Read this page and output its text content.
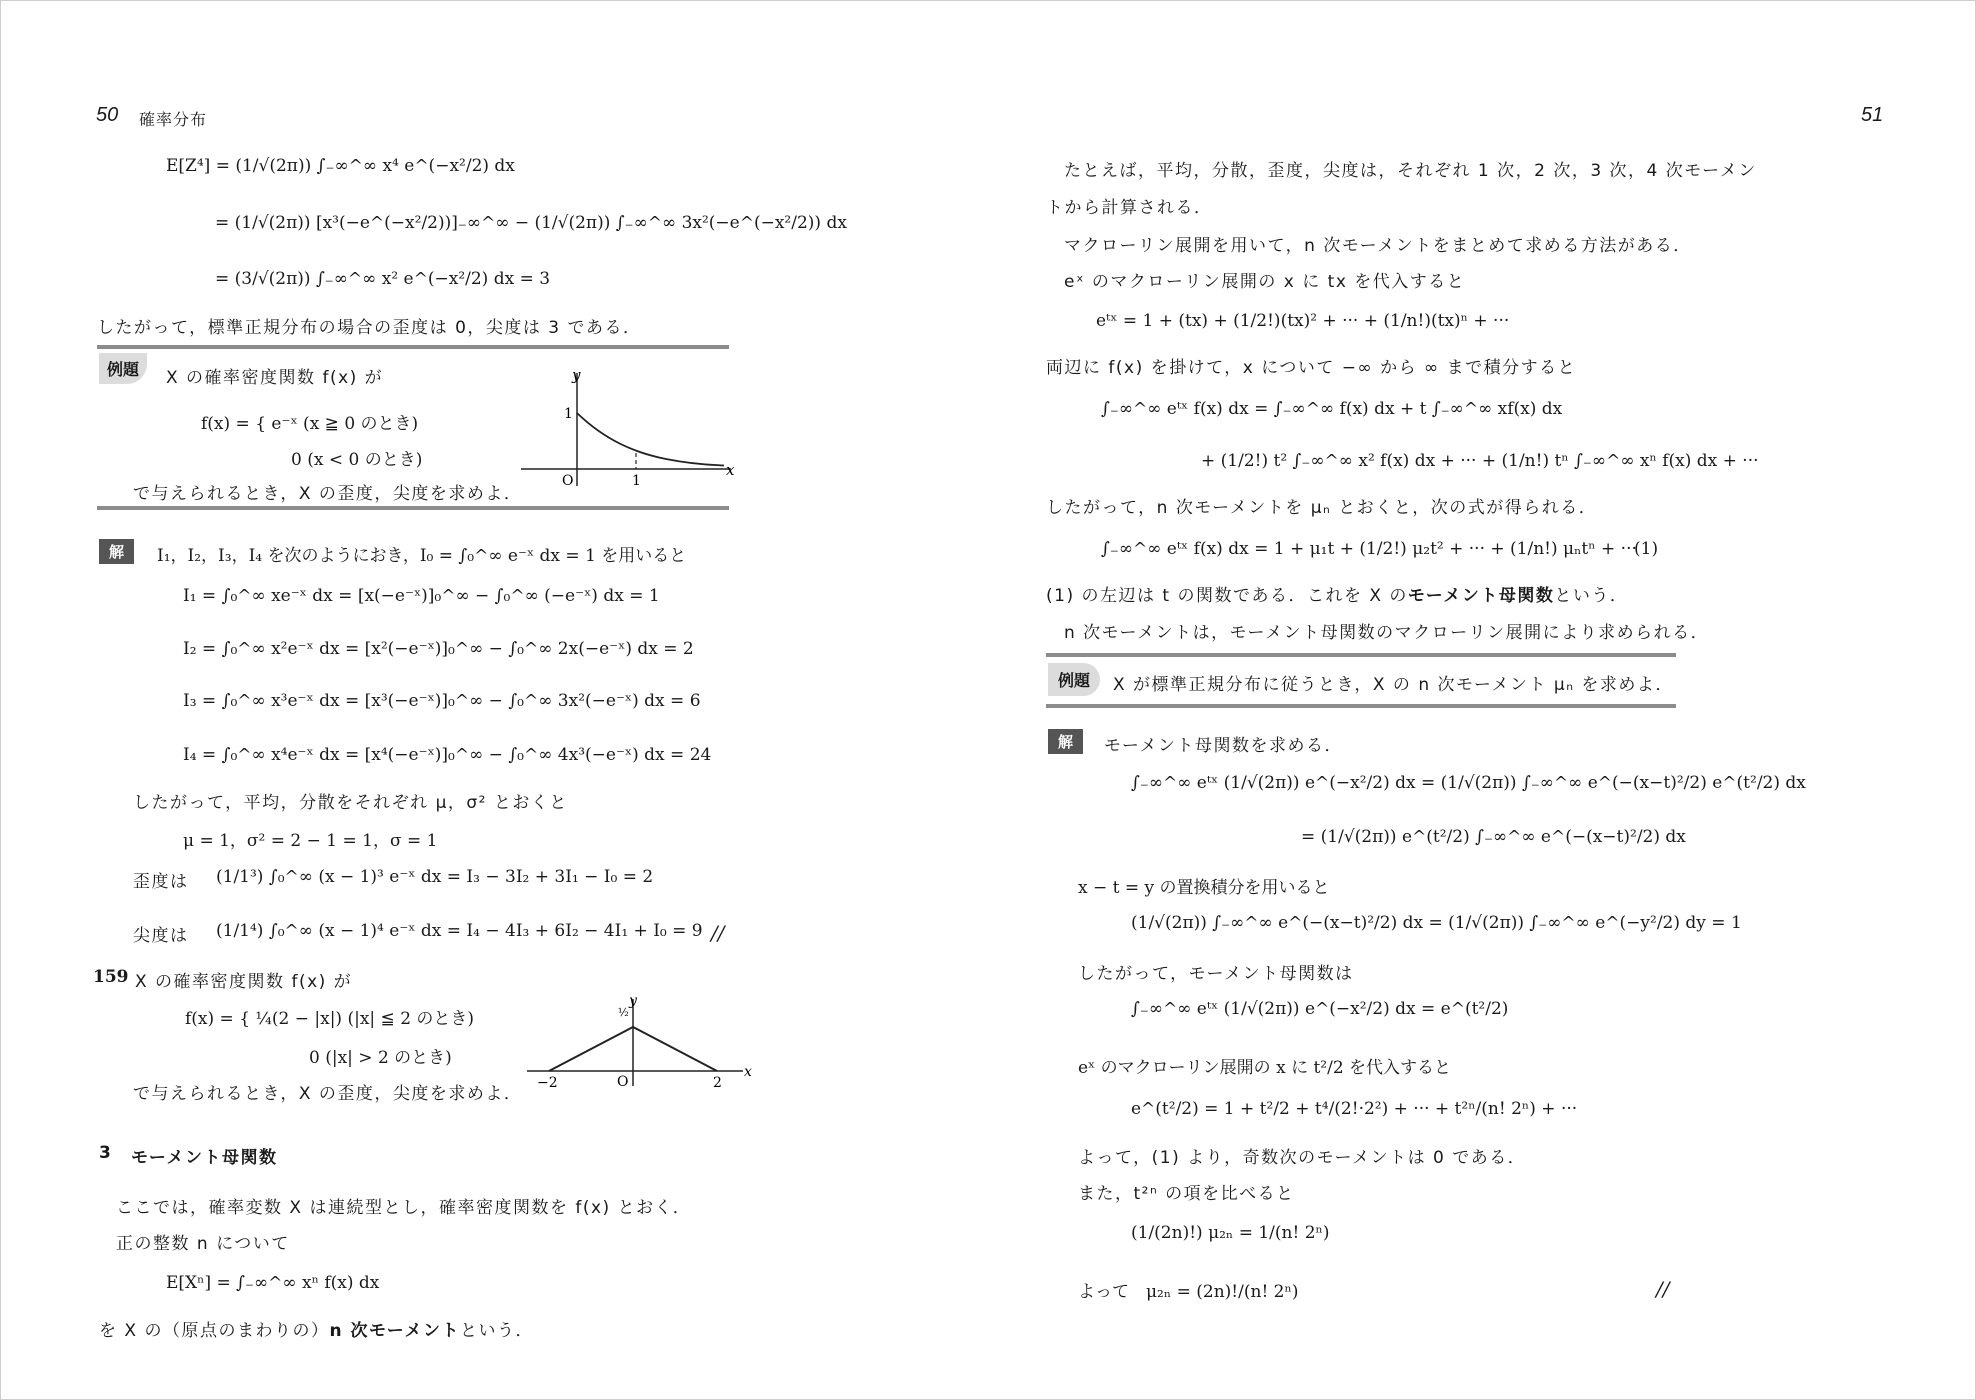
50 確率分布
E[Z⁴] = (1/√(2π)) ∫₋∞^∞ x⁴ e^(−x²/2) dx
= (1/√(2π)) [x³(−e^(−x²/2))]₋∞^∞ − (1/√(2π)) ∫₋∞^∞ 3x²(−e^(−x²/2)) dx
= (3/√(2π)) ∫₋∞^∞ x² e^(−x²/2) dx = 3
したがって，標準正規分布の場合の歪度は 0，尖度は 3 である．
例題	X の確率密度関数 f(x) が
f(x) = { e⁻ˣ (x ≧ 0 のとき)
0 (x < 0 のとき)
で与えられるとき，X の歪度，尖度を求めよ．
y
x
O
1
1
解	I₁，I₂，I₃，I₄ を次のようにおき，I₀ = ∫₀^∞ e⁻ˣ dx = 1 を用いると
I₁ = ∫₀^∞ xe⁻ˣ dx = [x(−e⁻ˣ)]₀^∞ − ∫₀^∞ (−e⁻ˣ) dx = 1
I₂ = ∫₀^∞ x²e⁻ˣ dx = [x²(−e⁻ˣ)]₀^∞ − ∫₀^∞ 2x(−e⁻ˣ) dx = 2
I₃ = ∫₀^∞ x³e⁻ˣ dx = [x³(−e⁻ˣ)]₀^∞ − ∫₀^∞ 3x²(−e⁻ˣ) dx = 6
I₄ = ∫₀^∞ x⁴e⁻ˣ dx = [x⁴(−e⁻ˣ)]₀^∞ − ∫₀^∞ 4x³(−e⁻ˣ) dx = 24
したがって，平均，分散をそれぞれ μ，σ² とおくと
μ = 1，σ² = 2 − 1 = 1，σ = 1
歪度は (1/1³) ∫₀^∞ (x − 1)³ e⁻ˣ dx = I₃ − 3I₂ + 3I₁ − I₀ = 2
尖度は (1/1⁴) ∫₀^∞ (x − 1)⁴ e⁻ˣ dx = I₄ − 4I₃ + 6I₂ − 4I₁ + I₀ = 9 //
159 X の確率密度関数 f(x) が
f(x) = { ¼(2 − |x|) (|x| ≦ 2 のとき)
0 (|x| > 2 のとき)
で与えられるとき，X の歪度，尖度を求めよ．
y
x
O
½
−2	2
3 モーメント母関数
ここでは，確率変数 X は連続型とし，確率密度関数を f(x) とおく．
正の整数 n について
E[Xⁿ] = ∫₋∞^∞ xⁿ f(x) dx
を X の（原点のまわりの）n 次モーメントという．
51
たとえば，平均，分散，歪度，尖度は，それぞれ 1 次，2 次，3 次，4 次モーメン
トから計算される．
マクローリン展開を用いて，n 次モーメントをまとめて求める方法がある．
eˣ のマクローリン展開の x に tx を代入すると
eᵗˣ = 1 + (tx) + (1/2!)(tx)² + ··· + (1/n!)(tx)ⁿ + ···
両辺に f(x) を掛けて，x について −∞ から ∞ まで積分すると
∫₋∞^∞ eᵗˣ f(x) dx = ∫₋∞^∞ f(x) dx + t ∫₋∞^∞ xf(x) dx
+ (1/2!) t² ∫₋∞^∞ x² f(x) dx + ··· + (1/n!) tⁿ ∫₋∞^∞ xⁿ f(x) dx + ···
したがって，n 次モーメントを μₙ とおくと，次の式が得られる．
∫₋∞^∞ eᵗˣ f(x) dx = 1 + μ₁t + (1/2!) μ₂t² + ··· + (1/n!) μₙtⁿ + ···
(1)
(1) の左辺は t の関数である．これを X のモーメント母関数という．
n 次モーメントは，モーメント母関数のマクローリン展開により求められる．
例題	X が標準正規分布に従うとき，X の n 次モーメント μₙ を求めよ．
解	モーメント母関数を求める．
∫₋∞^∞ eᵗˣ (1/√(2π)) e^(−x²/2) dx = (1/√(2π)) ∫₋∞^∞ e^(−(x−t)²/2) e^(t²/2) dx
= (1/√(2π)) e^(t²/2) ∫₋∞^∞ e^(−(x−t)²/2) dx
x − t = y の置換積分を用いると
(1/√(2π)) ∫₋∞^∞ e^(−(x−t)²/2) dx = (1/√(2π)) ∫₋∞^∞ e^(−y²/2) dy = 1
したがって，モーメント母関数は
∫₋∞^∞ eᵗˣ (1/√(2π)) e^(−x²/2) dx = e^(t²/2)
eˣ のマクローリン展開の x に t²/2 を代入すると
e^(t²/2) = 1 + t²/2 + t⁴/(2!·2²) + ··· + t²ⁿ/(n! 2ⁿ) + ···
よって，(1) より，奇数次のモーメントは 0 である．
また，t²ⁿ の項を比べると
(1/(2n)!) μ₂ₙ = 1/(n! 2ⁿ)
よって　μ₂ₙ = (2n)!/(n! 2ⁿ)	//
